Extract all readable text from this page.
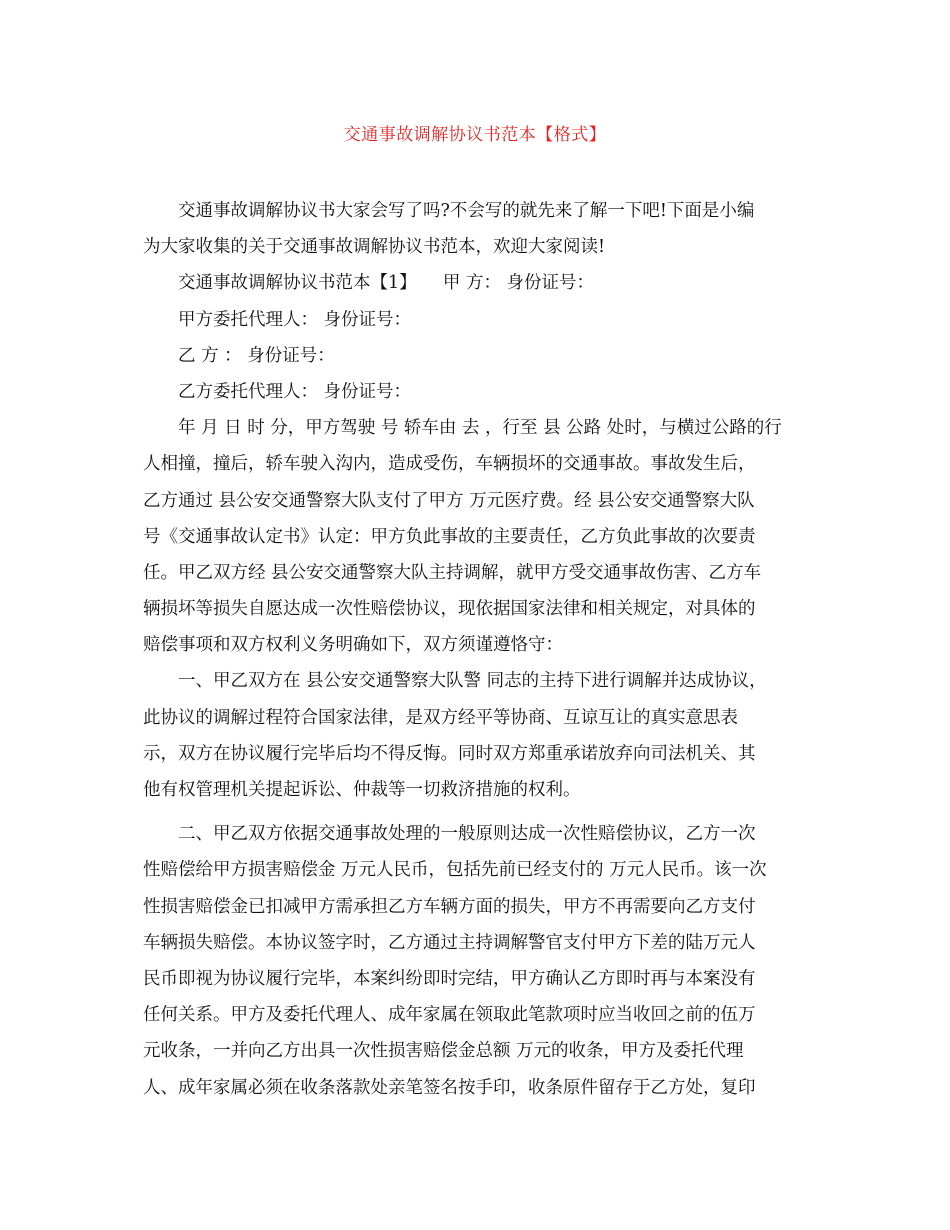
交通事故调解协议书范本【格式】
　　交通事故调解协议书大家会写了吗?不会写的就先来了解一下吧!下面是小编
为大家收集的关于交通事故调解协议书范本，欢迎大家阅读!
　　交通事故调解协议书范本【1】　　甲 方： 身份证号：
　　甲方委托代理人： 身份证号：
　　乙 方 ： 身份证号：
　　乙方委托代理人： 身份证号：
　　年 月 日 时 分，甲方驾驶 号 轿车由 去 ，行至 县 公路 处时，与横过公路的行
人相撞，撞后，轿车驶入沟内，造成受伤，车辆损坏的交通事故。事故发生后，
乙方通过 县公安交通警察大队支付了甲方 万元医疗费。经 县公安交通警察大队
号《交通事故认定书》认定：甲方负此事故的主要责任，乙方负此事故的次要责
任。甲乙双方经 县公安交通警察大队主持调解，就甲方受交通事故伤害、乙方车
辆损坏等损失自愿达成一次性赔偿协议，现依据国家法律和相关规定，对具体的
赔偿事项和双方权利义务明确如下，双方须谨遵恪守：
　　一、甲乙双方在 县公安交通警察大队警 同志的主持下进行调解并达成协议，
此协议的调解过程符合国家法律，是双方经平等协商、互谅互让的真实意思表
示，双方在协议履行完毕后均不得反悔。同时双方郑重承诺放弃向司法机关、其
他有权管理机关提起诉讼、仲裁等一切救济措施的权利。
　　二、甲乙双方依据交通事故处理的一般原则达成一次性赔偿协议，乙方一次
性赔偿给甲方损害赔偿金 万元人民币，包括先前已经支付的 万元人民币。该一次
性损害赔偿金已扣减甲方需承担乙方车辆方面的损失，甲方不再需要向乙方支付
车辆损失赔偿。本协议签字时，乙方通过主持调解警官支付甲方下差的陆万元人
民币即视为协议履行完毕，本案纠纷即时完结，甲方确认乙方即时再与本案没有
任何关系。甲方及委托代理人、成年家属在领取此笔款项时应当收回之前的伍万
元收条，一并向乙方出具一次性损害赔偿金总额 万元的收条，甲方及委托代理
人、成年家属必须在收条落款处亲笔签名按手印，收条原件留存于乙方处，复印
